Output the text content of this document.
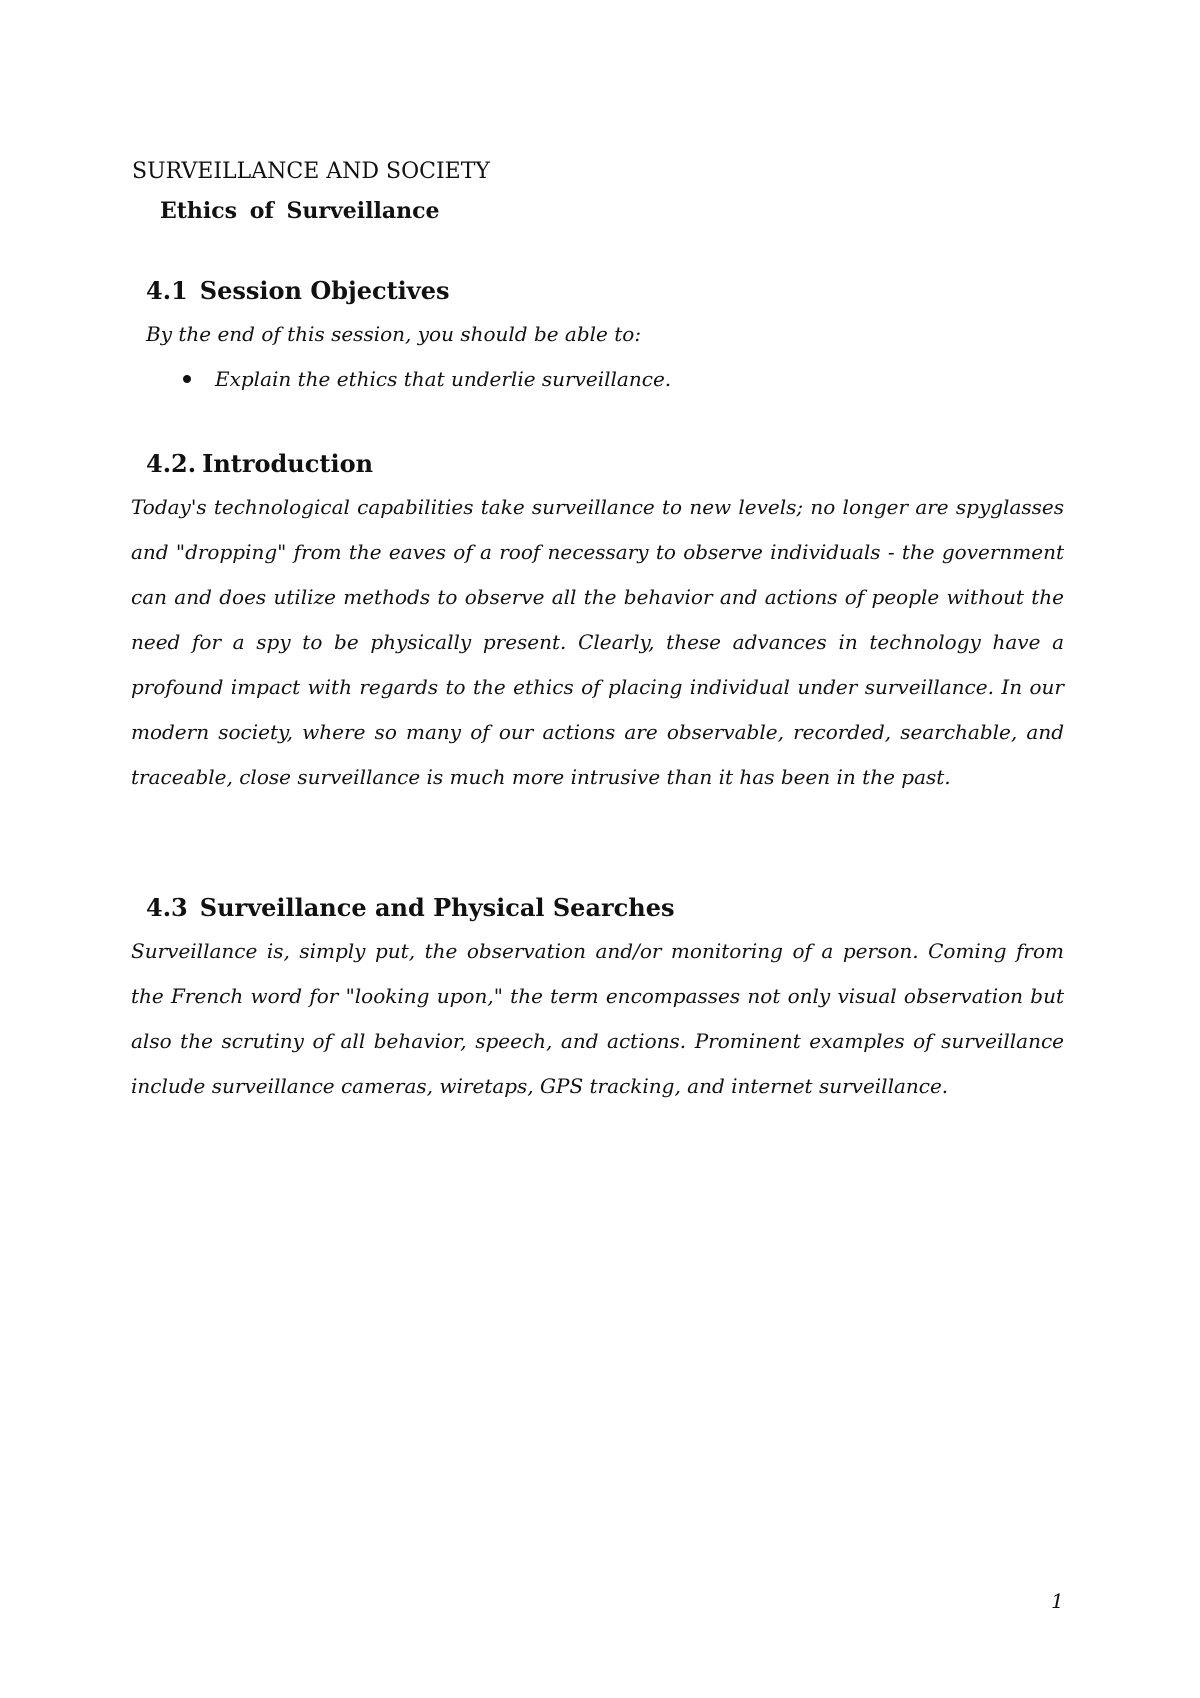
SURVEILLANCE AND SOCIETY
Ethics of Surveillance
4.1 Session Objectives
By the end of this session, you should be able to:
Explain the ethics that underlie surveillance.
4.2. Introduction

Today's technological capabilities take surveillance to new levels; no longer are spyglasses and "dropping" from the eaves of a roof necessary to observe individuals - the government can and does utilize methods to observe all the behavior and actions of people without the need for a spy to be physically present. Clearly, these advances in technology have a profound impact with regards to the ethics of placing individual under surveillance. In our modern society, where so many of our actions are observable, recorded, searchable, and traceable, close surveillance is much more intrusive than it has been in the past.

4.3 Surveillance and Physical Searches

Surveillance is, simply put, the observation and/or monitoring of a person. Coming from the French word for "looking upon," the term encompasses not only visual observation but also the scrutiny of all behavior, speech, and actions. Prominent examples of surveillance include surveillance cameras, wiretaps, GPS tracking, and internet surveillance.

1
